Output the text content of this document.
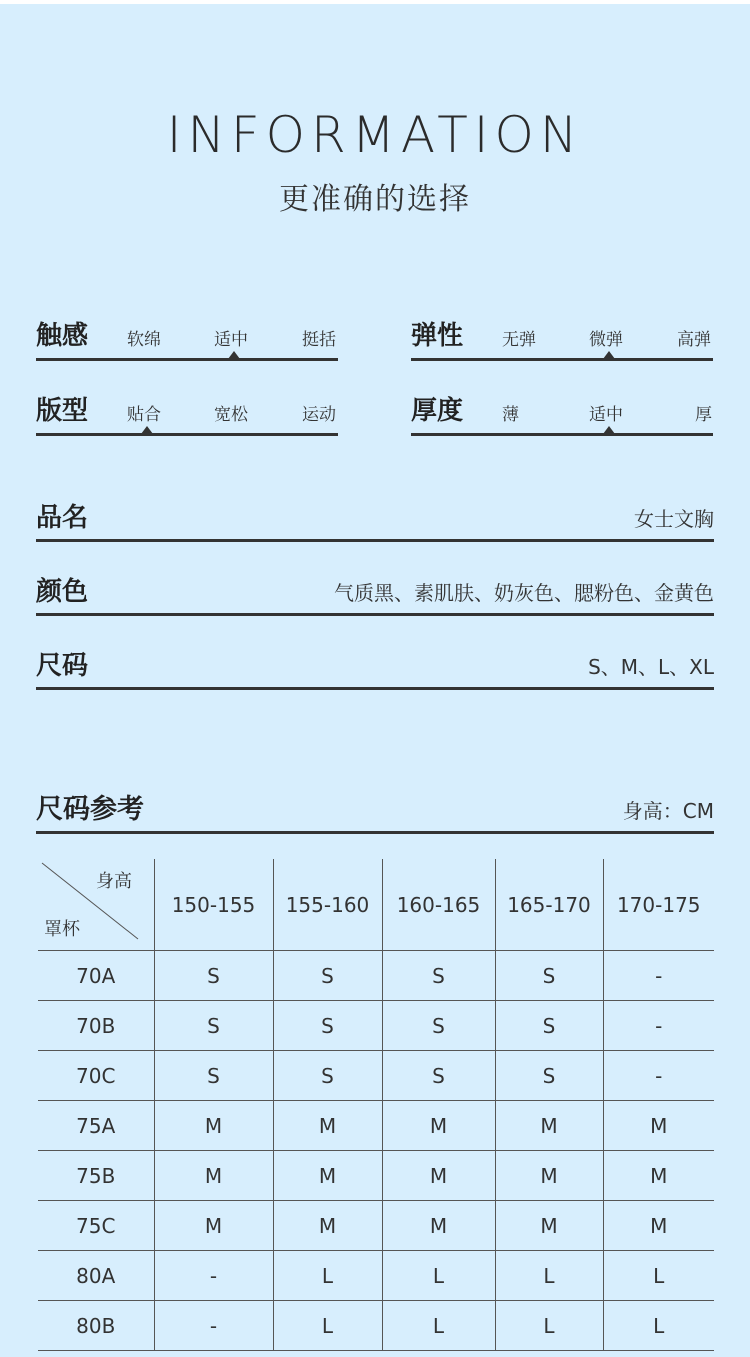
INFORMATION
更准确的选择
触感 软绵	适中	挺括	弹性 无弹	微弹	高弹
版型 贴合	宽松	运动	厚度 薄	适中	厚
品名	女士文胸
颜色	气质黑、素肌肤、奶灰色、腮粉色、金黄色
尺码	S、M、L、XL
尺码参考	身高：CM
身高
罩杯	150-155	155-160	160-165	165-170	170-175
70A	S	S	S	S	-
70B	S	S	S	S	-
70C	S	S	S	S	-
75A	M	M	M	M	M
75B	M	M	M	M	M
75C	M	M	M	M	M
80A	-	L	L	L	L
80B	-	L	L	L	L
